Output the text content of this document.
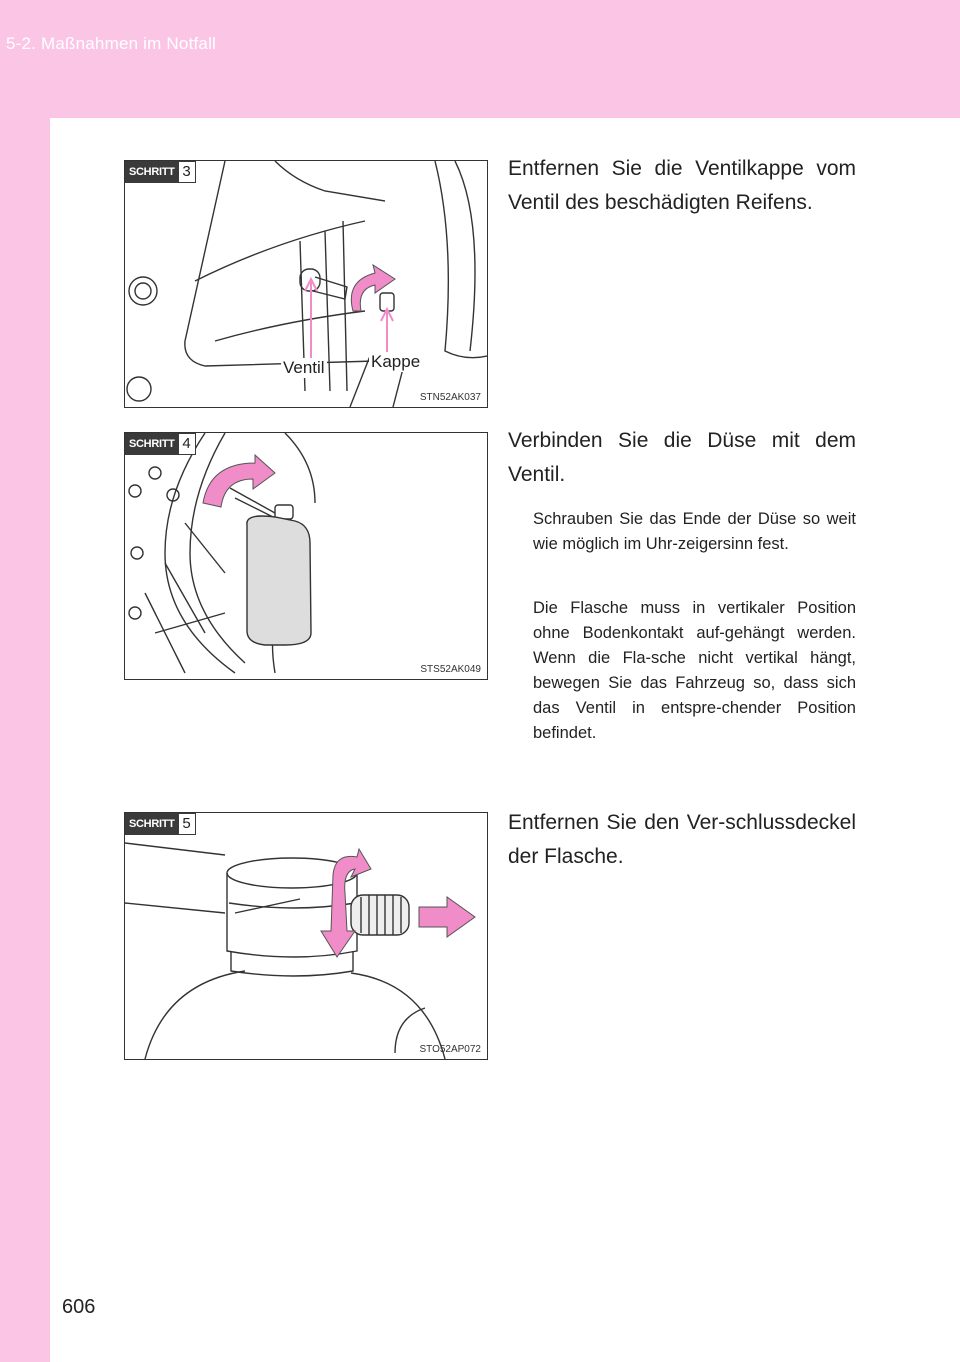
5-2. Maßnahmen im Notfall
SCHRITT 3
Ventil	Kappe
STN52AK037
Entfernen Sie die Ventilkappe vom Ventil des beschädigten Reifens.
SCHRITT 4
STS52AK049
Verbinden Sie die Düse mit dem Ventil.
Schrauben Sie das Ende der Düse so weit wie möglich im Uhr-zeigersinn fest.
Die Flasche muss in vertikaler Position ohne Bodenkontakt auf-gehängt werden. Wenn die Fla-sche nicht vertikal hängt, bewegen Sie das Fahrzeug so, dass sich das Ventil in entspre-chender Position befindet.
SCHRITT 5
STO52AP072
Entfernen Sie den Ver-schlussdeckel der Flasche.
606
